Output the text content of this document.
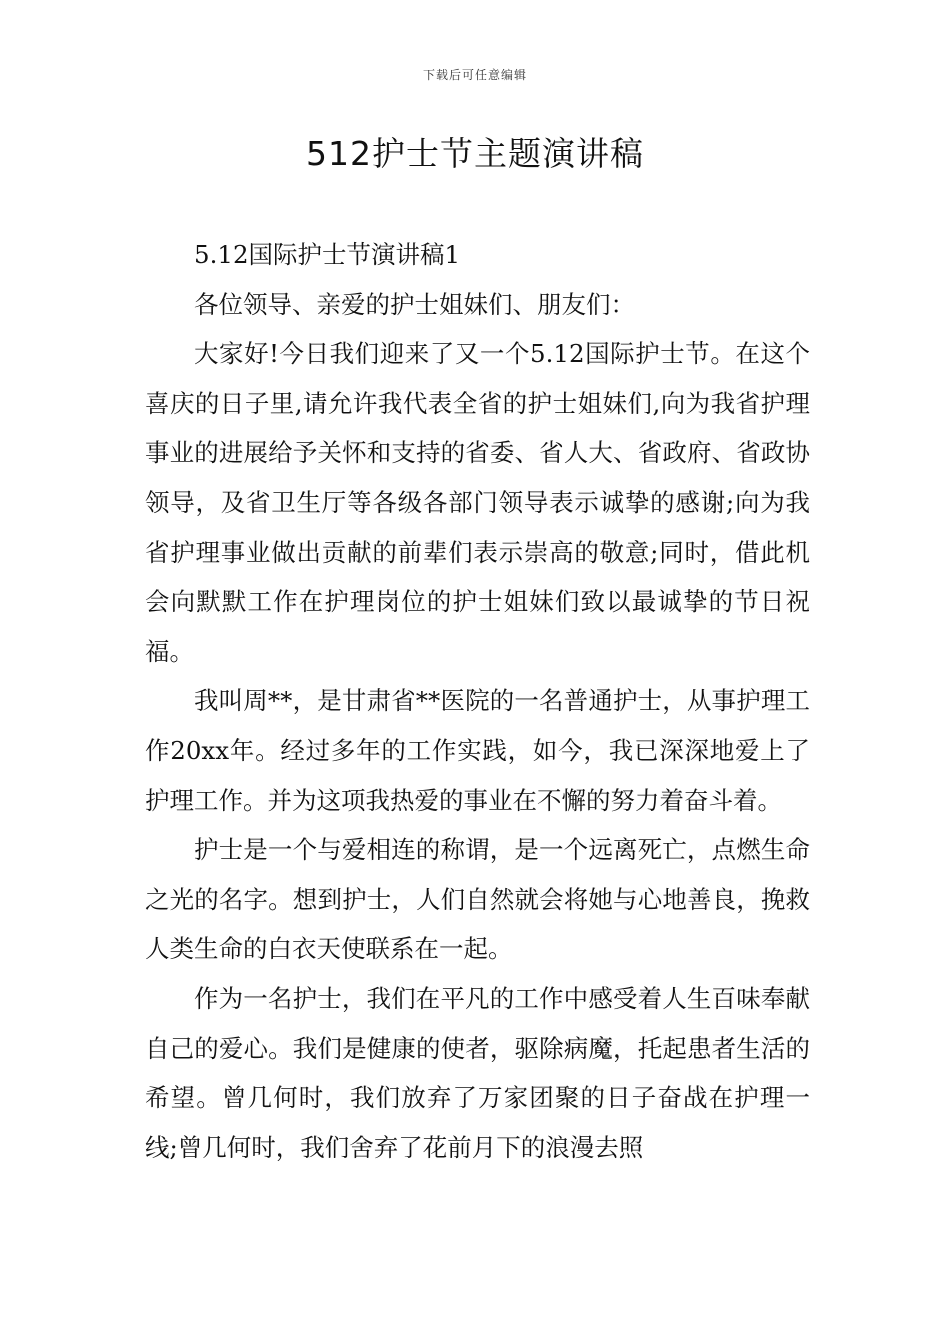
下载后可任意编辑
512护士节主题演讲稿

5.12国际护士节演讲稿1

各位领导、亲爱的护士姐妹们、朋友们：

大家好!今日我们迎来了又一个5.12国际护士节。在这个喜庆的日子里,请允许我代表全省的护士姐妹们,向为我省护理事业的进展给予关怀和支持的省委、省人大、省政府、省政协领导，及省卫生厅等各级各部门领导表示诚挚的感谢;向为我省护理事业做出贡献的前辈们表示崇高的敬意;同时，借此机会向默默工作在护理岗位的护士姐妹们致以最诚挚的节日祝福。

我叫周**，是甘肃省**医院的一名普通护士，从事护理工作20xx年。经过多年的工作实践，如今，我已深深地爱上了护理工作。并为这项我热爱的事业在不懈的努力着奋斗着。

护士是一个与爱相连的称谓，是一个远离死亡，点燃生命之光的名字。想到护士，人们自然就会将她与心地善良，挽救人类生命的白衣天使联系在一起。

作为一名护士，我们在平凡的工作中感受着人生百味奉献自己的爱心。我们是健康的使者，驱除病魔，托起患者生活的希望。曾几何时，我们放弃了万家团聚的日子奋战在护理一线;曾几何时，我们舍弃了花前月下的浪漫去照
